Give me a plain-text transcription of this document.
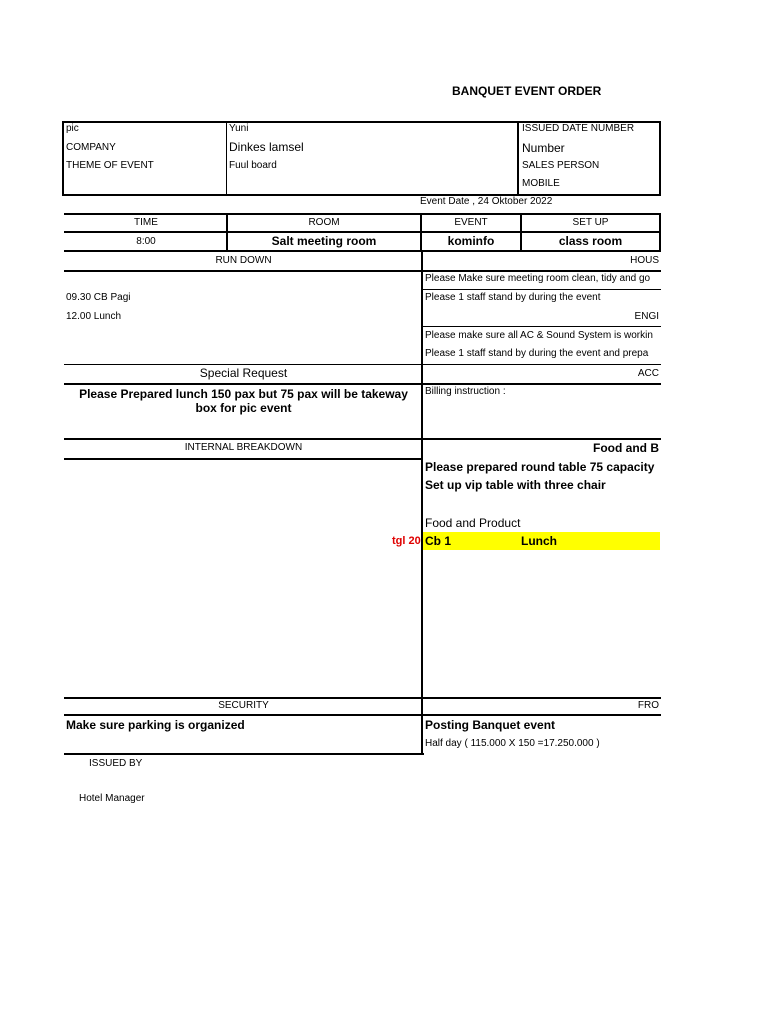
BANQUET EVENT ORDER
pic	Yuni
COMPANY	Dinkes lamsel
THEME OF EVENT	Fuul board
ISSUED DATE NUMBER
Number
SALES PERSON
MOBILE
Event Date , 24 Oktober 2022
TIME	ROOM	EVENT	SET UP
8:00	Salt meeting room	kominfo	class room
RUN DOWN
09.30 CB Pagi
12.00 Lunch
HOUS
Please Make sure meeting room clean, tidy and go
Please 1 staff stand by during the event
ENGI
Please make sure all AC & Sound System is workin
Please 1 staff stand by during the event and prepa
Special Request
Please Prepared lunch 150 pax but 75 pax will be takeway box for pic event
ACC
Billing instruction :
INTERNAL BREAKDOWN	Food and B
Please prepared round table 75 capacity
Set up vip table with three chair
Food and Product
tgl 20 Cb 1	Lunch
SECURITY
Make sure parking is organized
FRO
Posting Banquet event
Half day ( 115.000 X 150 =17.250.000 )
ISSUED BY
Hotel Manager
